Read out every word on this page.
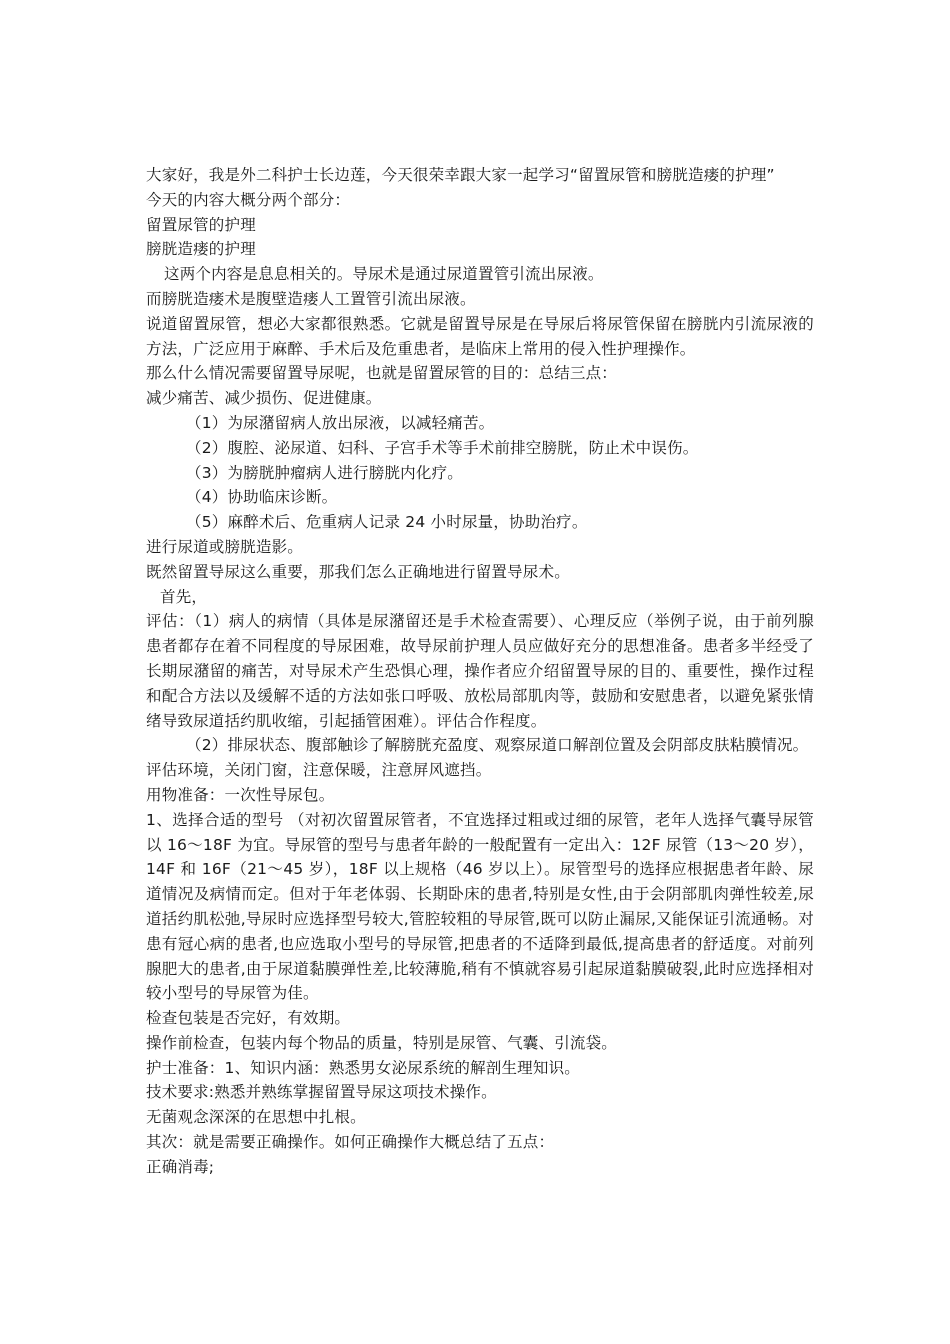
大家好，我是外二科护士长边莲，今天很荣幸跟大家一起学习“留置尿管和膀胱造瘘的护理”

今天的内容大概分两个部分：

留置尿管的护理

膀胱造瘘的护理

这两个内容是息息相关的。导尿术是通过尿道置管引流出尿液。

而膀胱造瘘术是腹壁造瘘人工置管引流出尿液。

说道留置尿管，想必大家都很熟悉。它就是留置导尿是在导尿后将尿管保留在膀胱内引流尿液的方法，广泛应用于麻醉、手术后及危重患者，是临床上常用的侵入性护理操作。

那么什么情况需要留置导尿呢，也就是留置尿管的目的：总结三点：

减少痛苦、减少损伤、促进健康。

（1）为尿潴留病人放出尿液，以减轻痛苦。

（2）腹腔、泌尿道、妇科、子宫手术等手术前排空膀胱，防止术中误伤。

（3）为膀胱肿瘤病人进行膀胱内化疗。

（4）协助临床诊断。

（5）麻醉术后、危重病人记录 24 小时尿量，协助治疗。

进行尿道或膀胱造影。

既然留置导尿这么重要，那我们怎么正确地进行留置导尿术。

首先，

评估：（1）病人的病情（具体是尿潴留还是手术检查需要）、心理反应（举例子说，由于前列腺患者都存在着不同程度的导尿困难，故导尿前护理人员应做好充分的思想准备。患者多半经受了长期尿潴留的痛苦，对导尿术产生恐惧心理，操作者应介绍留置导尿的目的、重要性，操作过程和配合方法以及缓解不适的方法如张口呼吸、放松局部肌肉等，鼓励和安慰患者，以避免紧张情绪导致尿道括约肌收缩，引起插管困难）。评估合作程度。

（2）排尿状态、腹部触诊了解膀胱充盈度、观察尿道口解剖位置及会阴部皮肤粘膜情况。

评估环境，关闭门窗，注意保暖，注意屏风遮挡。

用物准备：一次性导尿包。

1、选择合适的型号 （对初次留置尿管者，不宜选择过粗或过细的尿管，老年人选择气囊导尿管以 16～18F 为宜。导尿管的型号与患者年龄的一般配置有一定出入：12F 尿管（13～20 岁），14F 和 16F（21～45 岁），18F 以上规格（46 岁以上）。尿管型号的选择应根据患者年龄、尿道情况及病情而定。但对于年老体弱、长期卧床的患者,特别是女性,由于会阴部肌肉弹性较差,尿道括约肌松弛,导尿时应选择型号较大,管腔较粗的导尿管,既可以防止漏尿,又能保证引流通畅。对患有冠心病的患者,也应选取小型号的导尿管,把患者的不适降到最低,提高患者的舒适度。对前列腺肥大的患者,由于尿道黏膜弹性差,比较薄脆,稍有不慎就容易引起尿道黏膜破裂,此时应选择相对较小型号的导尿管为佳。

检查包装是否完好，有效期。

操作前检查，包装内每个物品的质量，特别是尿管、气囊、引流袋。

护士准备：1、知识内涵：熟悉男女泌尿系统的解剖生理知识。

技术要求:熟悉并熟练掌握留置导尿这项技术操作。

无菌观念深深的在思想中扎根。

其次：就是需要正确操作。如何正确操作大概总结了五点：

正确消毒;
